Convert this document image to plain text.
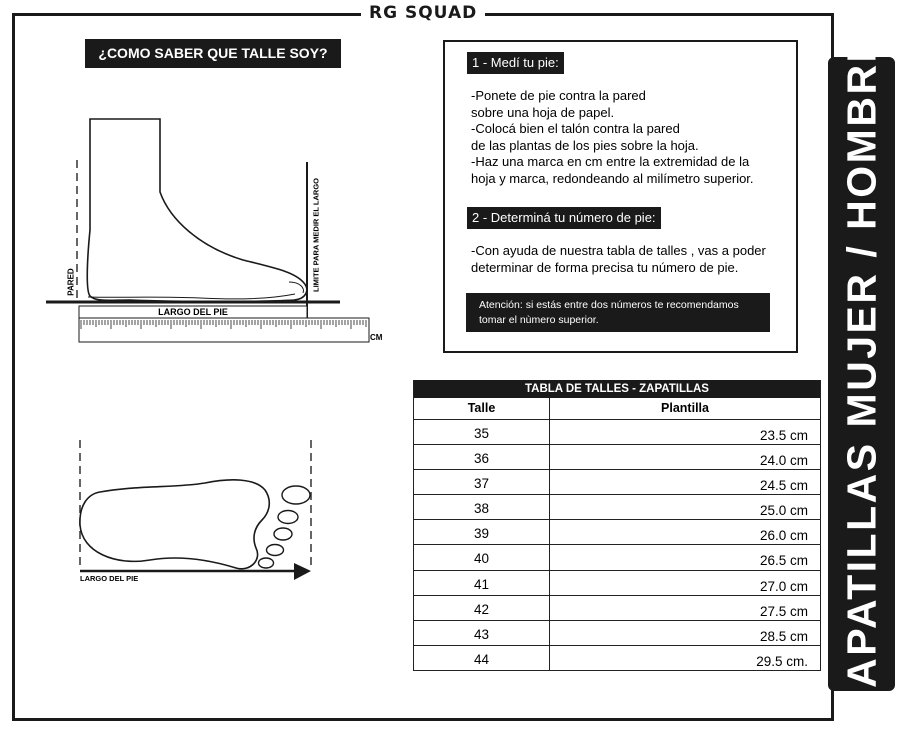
RG SQUAD
¿COMO SABER QUE TALLE SOY?
PARED	LIMITE PARA MEDIR EL LARGO
LARGO DEL PIE
CM
LARGO DEL PIE
1 - Medí tu pie:
-Ponete de pie contra la pared
sobre una hoja de papel.
-Colocá bien el talón contra la pared
de las plantas de los pies sobre la hoja.
-Haz una marca en cm entre la extremidad de la
hoja y marca, redondeando al milímetro superior.
2 - Determiná tu número de pie:
-Con ayuda de nuestra tabla de talles , vas a poder
determinar de forma precisa tu número de pie.
Atención: si estás entre dos números te recomendamos
tomar el nùmero superior.
TABLA DE TALLES - ZAPATILLAS
Talle	Plantilla
35	23.5 cm
36	24.0 cm
37	24.5 cm
38	25.0 cm
39	26.0 cm
40	26.5 cm
41	27.0 cm
42	27.5 cm
43	28.5 cm
44	29.5 cm. ZAPATILLAS MUJER / HOMBRE
